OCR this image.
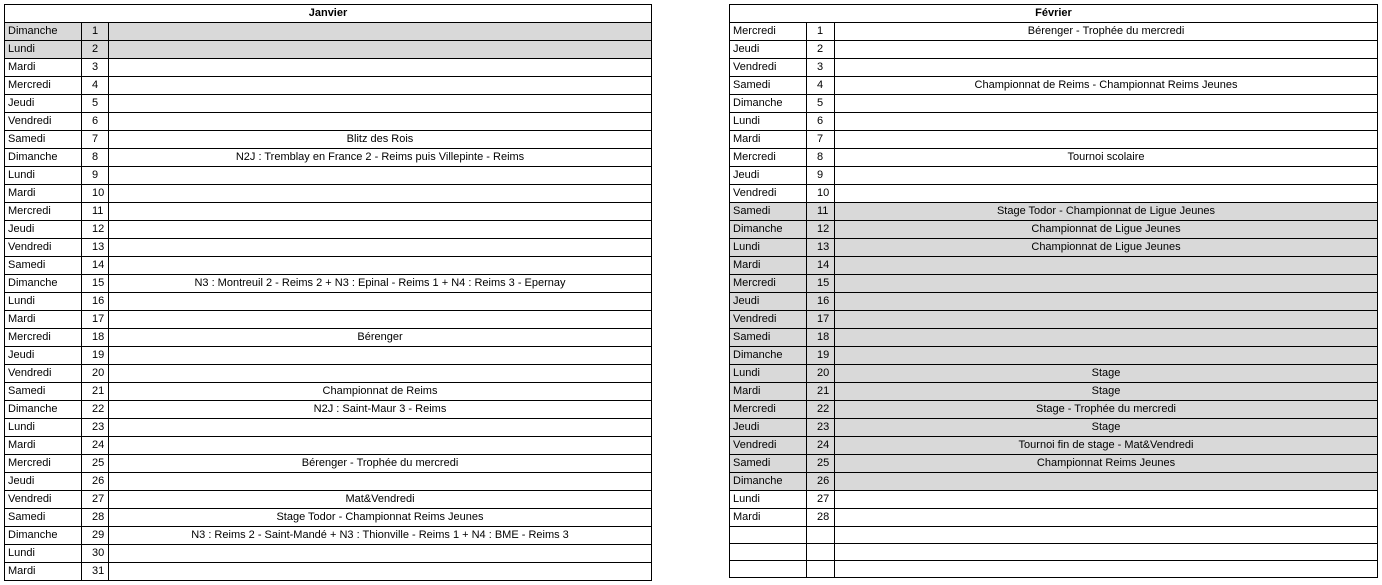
Janvier		
Dimanche	1	
Lundi	2	
Mardi	3	
Mercredi	4	
Jeudi	5	
Vendredi	6	
Samedi	7	Blitz des Rois
Dimanche	8	N2J : Tremblay en France 2 - Reims puis Villepinte - Reims
Lundi	9	
Mardi	10	
Mercredi	11	
Jeudi	12	
Vendredi	13	
Samedi	14	
Dimanche	15	N3 : Montreuil 2 - Reims 2 + N3 : Epinal - Reims 1 + N4 : Reims 3 - Epernay
Lundi	16	
Mardi	17	
Mercredi	18	Bérenger
Jeudi	19	
Vendredi	20	
Samedi	21	Championnat de Reims
Dimanche	22	N2J : Saint-Maur 3 - Reims
Lundi	23	
Mardi	24	
Mercredi	25	Bérenger - Trophée du mercredi
Jeudi	26	
Vendredi	27	Mat&Vendredi
Samedi	28	Stage Todor - Championnat Reims Jeunes
Dimanche	29	N3 : Reims 2 - Saint-Mandé + N3 : Thionville - Reims 1 + N4 : BME - Reims 3
Lundi	30	
Mardi	31	
Février		
Mercredi	1	Bérenger - Trophée du mercredi
Jeudi	2	
Vendredi	3	
Samedi	4	Championnat de Reims - Championnat Reims Jeunes
Dimanche	5	
Lundi	6	
Mardi	7	
Mercredi	8	Tournoi scolaire
Jeudi	9	
Vendredi	10	
Samedi	11	Stage Todor - Championnat de Ligue Jeunes
Dimanche	12	Championnat de Ligue Jeunes
Lundi	13	Championnat de Ligue Jeunes
Mardi	14	
Mercredi	15	
Jeudi	16	
Vendredi	17	
Samedi	18	
Dimanche	19	
Lundi	20	Stage
Mardi	21	Stage
Mercredi	22	Stage - Trophée du mercredi
Jeudi	23	Stage
Vendredi	24	Tournoi fin de stage - Mat&Vendredi
Samedi	25	Championnat Reims Jeunes
Dimanche	26	
Lundi	27	
Mardi	28	
